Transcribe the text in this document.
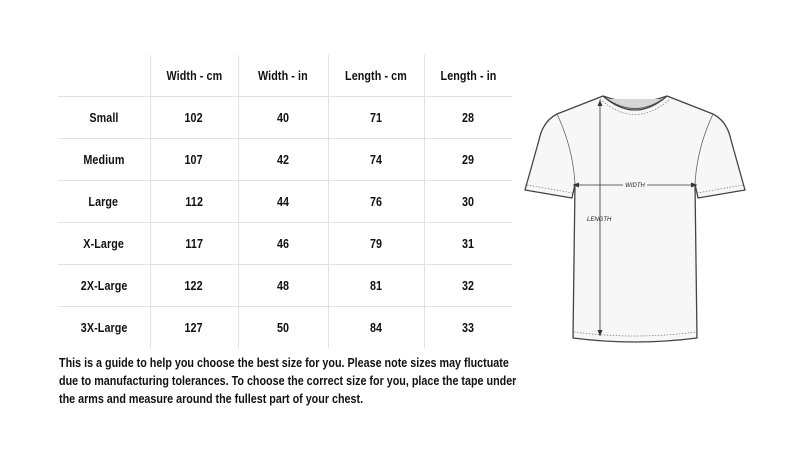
	Width - cm	Width - in	Length - cm	Length - in
Small	102	40	71	28
Medium	107	42	74	29
Large	112	44	76	30
X-Large	117	46	79	31
2X-Large	122	48	81	32
3X-Large	127	50	84	33
This is a guide to help you choose the best size for you. Please note sizes may fluctuate due to manufacturing tolerances. To choose the correct size for you, place the tape under the arms and measure around the fullest part of your chest.
WIDTH
LENGTH
